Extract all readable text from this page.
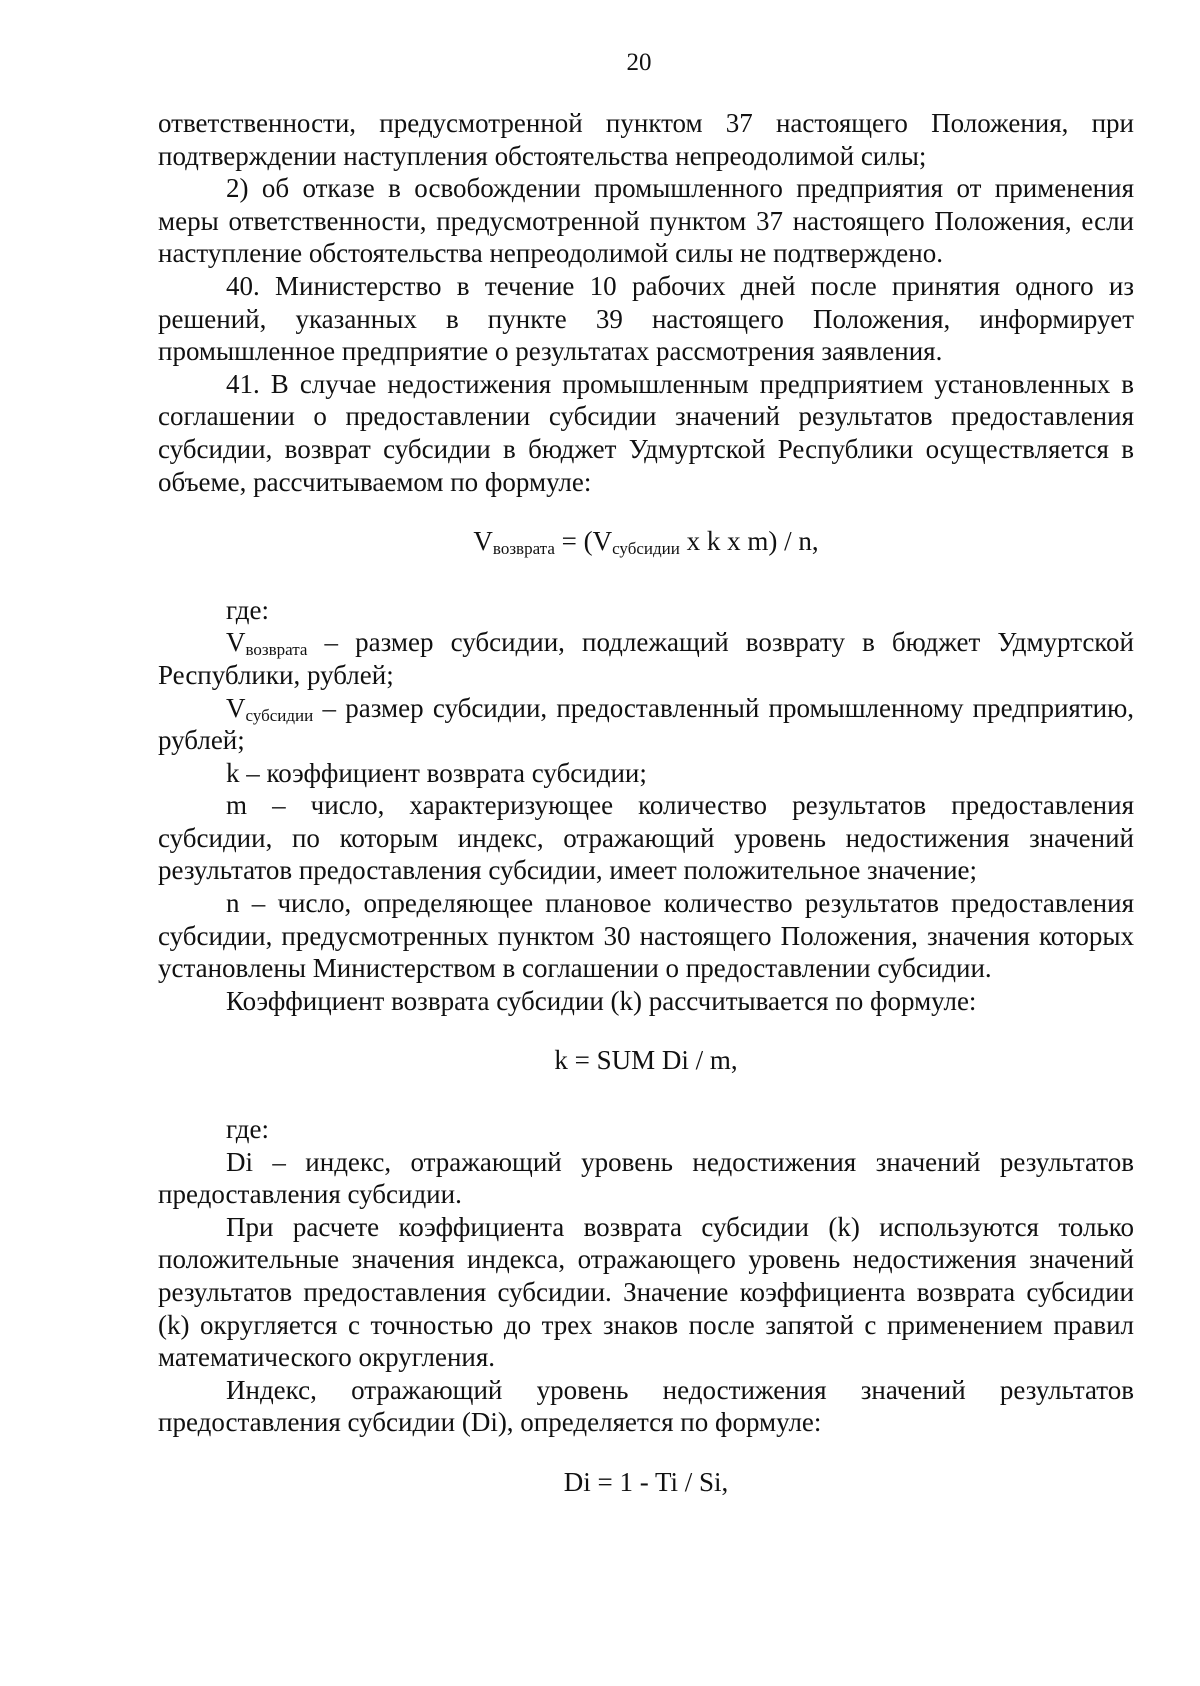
20

ответственности, предусмотренной пунктом 37 настоящего Положения, при подтверждении наступления обстоятельства непреодолимой силы;

2) об отказе в освобождении промышленного предприятия от применения меры ответственности, предусмотренной пунктом 37 настоящего Положения, если наступление обстоятельства непреодолимой силы не подтверждено.

40. Министерство в течение 10 рабочих дней после принятия одного из решений, указанных в пункте 39 настоящего Положения, информирует промышленное предприятие о результатах рассмотрения заявления.

41. В случае недостижения промышленным предприятием установленных в соглашении о предоставлении субсидии значений результатов предоставления субсидии, возврат субсидии в бюджет Удмуртской Республики осуществляется в объеме, рассчитываемом по формуле:

$V_{возврата} = (V_{субсидии}$ x k x m) / n,

где:

$V_{возврата}$ – размер субсидии, подлежащий возврату в бюджет Удмуртской Республики, рублей;

$V_{субсидии}$ – размер субсидии, предоставленный промышленному предприятию, рублей;

k – коэффициент возврата субсидии;

m – число, характеризующее количество результатов предоставления субсидии, по которым индекс, отражающий уровень недостижения значений результатов предоставления субсидии, имеет положительное значение;

n – число, определяющее плановое количество результатов предоставления субсидии, предусмотренных пунктом 30 настоящего Положения, значения которых установлены Министерством в соглашении о предоставлении субсидии.

Коэффициент возврата субсидии (k) рассчитывается по формуле:

k = SUM Di / m,

где:

Di – индекс, отражающий уровень недостижения значений результатов предоставления субсидии.

При расчете коэффициента возврата субсидии (k) используются только положительные значения индекса, отражающего уровень недостижения значений результатов предоставления субсидии. Значение коэффициента возврата субсидии (k) округляется с точностью до трех знаков после запятой с применением правил математического округления.

Индекс, отражающий уровень недостижения значений результатов предоставления субсидии (Di), определяется по формуле:

Di = 1 - Ti / Si,
